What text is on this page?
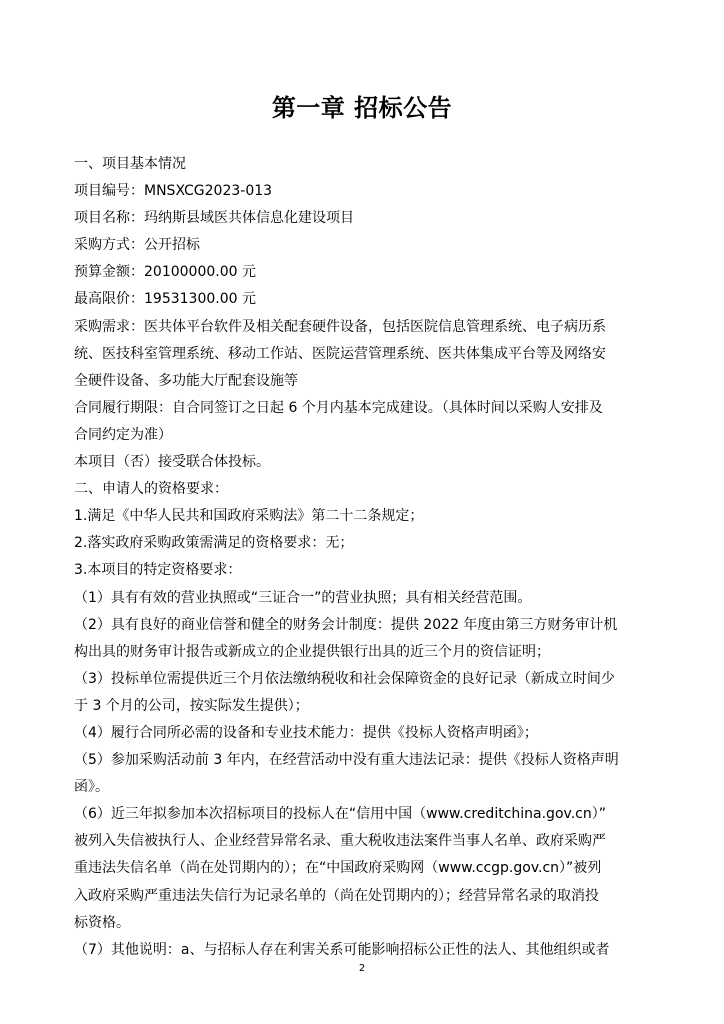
第一章 招标公告
一、项目基本情况
项目编号：MNSXCG2023-013
项目名称：玛纳斯县域医共体信息化建设项目
采购方式：公开招标
预算金额：20100000.00 元
最高限价：19531300.00 元
采购需求：医共体平台软件及相关配套硬件设备，包括医院信息管理系统、电子病历系
统、医技科室管理系统、移动工作站、医院运营管理系统、医共体集成平台等及网络安
全硬件设备、多功能大厅配套设施等
合同履行期限：自合同签订之日起 6 个月内基本完成建设。（具体时间以采购人安排及
合同约定为准）
本项目（否）接受联合体投标。
二、申请人的资格要求：
1.满足《中华人民共和国政府采购法》第二十二条规定；
2.落实政府采购政策需满足的资格要求：无；
3.本项目的特定资格要求：
（1）具有有效的营业执照或“三证合一”的营业执照；具有相关经营范围。
（2）具有良好的商业信誉和健全的财务会计制度：提供 2022 年度由第三方财务审计机
构出具的财务审计报告或新成立的企业提供银行出具的近三个月的资信证明；
（3）投标单位需提供近三个月依法缴纳税收和社会保障资金的良好记录（新成立时间少
于 3 个月的公司，按实际发生提供）；
（4）履行合同所必需的设备和专业技术能力：提供《投标人资格声明函》；
（5）参加采购活动前 3 年内，在经营活动中没有重大违法记录：提供《投标人资格声明
函》。
（6）近三年拟参加本次招标项目的投标人在“信用中国（www.creditchina.gov.cn）”
被列入失信被执行人、企业经营异常名录、重大税收违法案件当事人名单、政府采购严
重违法失信名单（尚在处罚期内的）；在“中国政府采购网（www.ccgp.gov.cn）”被列
入政府采购严重违法失信行为记录名单的（尚在处罚期内的）；经营异常名录的取消投
标资格。
（7）其他说明：a、与招标人存在利害关系可能影响招标公正性的法人、其他组织或者
2
